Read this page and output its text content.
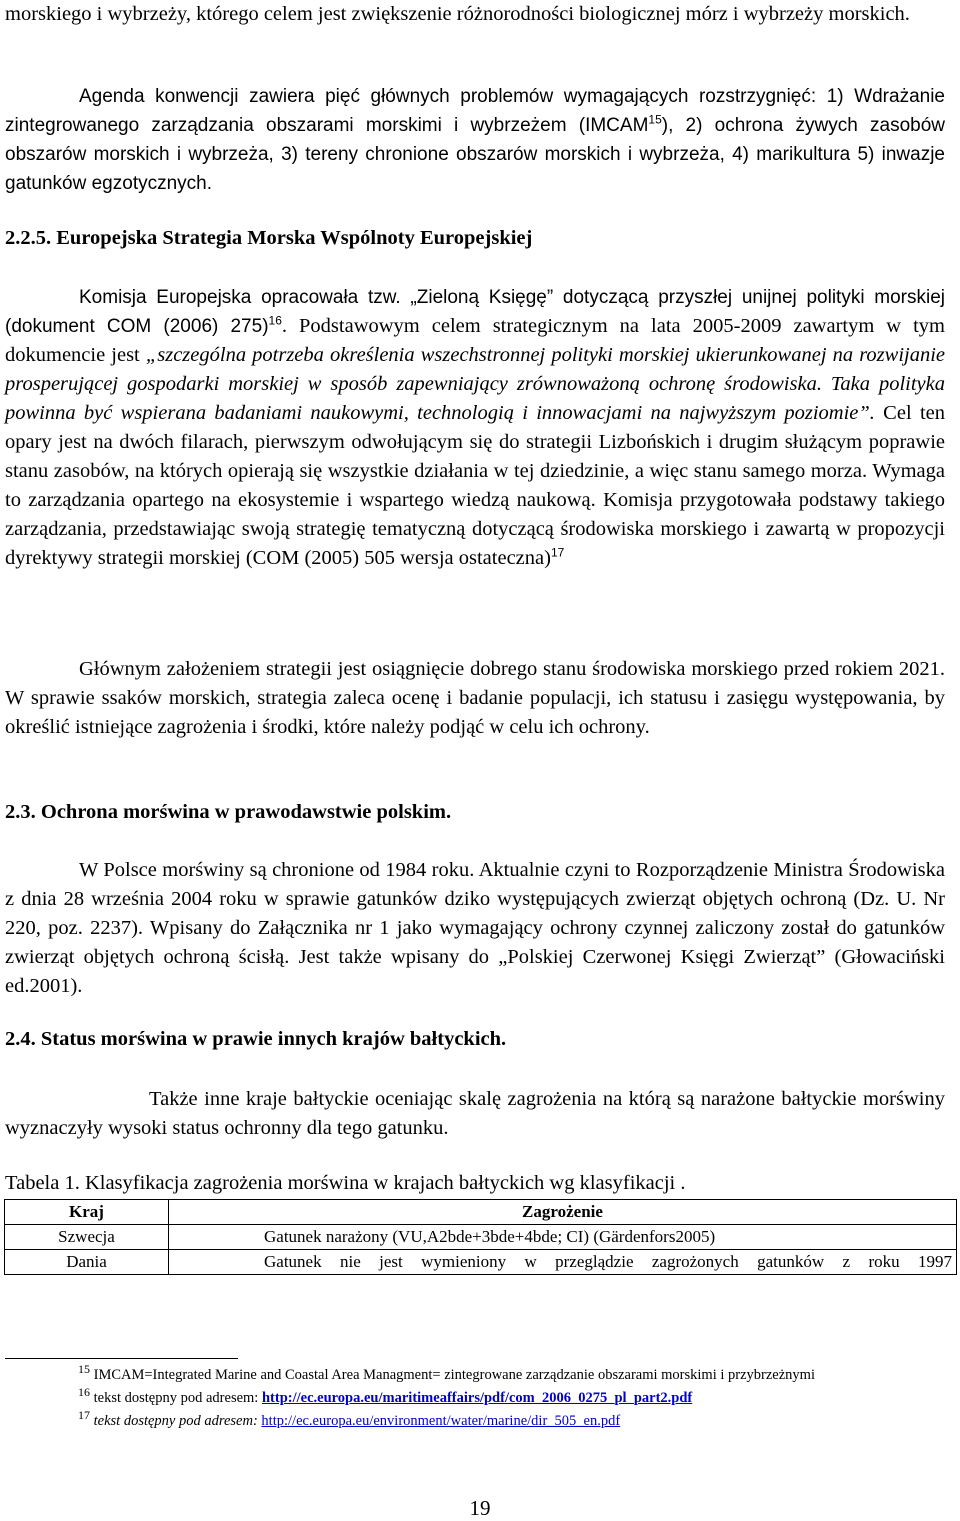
morskiego i wybrzeży, którego celem jest zwiększenie różnorodności biologicznej mórz i wybrzeży morskich.

Agenda konwencji zawiera pięć głównych problemów wymagających rozstrzygnięć: 1) Wdrażanie zintegrowanego zarządzania obszarami morskimi i wybrzeżem (IMCAM$^{15}$), 2) ochrona żywych zasobów obszarów morskich i wybrzeża, 3) tereny chronione obszarów morskich i wybrzeża, 4) marikultura 5) inwazje gatunków egzotycznych.

2.2.5. Europejska Strategia Morska Wspólnoty Europejskiej

Komisja Europejska opracowała tzw. „Zieloną Księgę” dotyczącą przyszłej unijnej polityki morskiej (dokument COM (2006) 275)$^{16}$. Podstawowym celem strategicznym na lata 2005-2009 zawartym w tym dokumencie jest „szczególna potrzeba określenia wszechstronnej polityki morskiej ukierunkowanej na rozwijanie prosperującej gospodarki morskiej w sposób zapewniający zrównoważoną ochronę środowiska. Taka polityka powinna być wspierana badaniami naukowymi, technologią i innowacjami na najwyższym poziomie”. Cel ten opary jest na dwóch filarach, pierwszym odwołującym się do strategii Lizbońskich i drugim służącym poprawie stanu zasobów, na których opierają się wszystkie działania w tej dziedzinie, a więc stanu samego morza. Wymaga to zarządzania opartego na ekosystemie i wspartego wiedzą naukową. Komisja przygotowała podstawy takiego zarządzania, przedstawiając swoją strategię tematyczną dotyczącą środowiska morskiego i zawartą w propozycji dyrektywy strategii morskiej (COM (2005) 505 wersja ostateczna)$^{17}$

Głównym założeniem strategii jest osiągnięcie dobrego stanu środowiska morskiego przed rokiem 2021. W sprawie ssaków morskich, strategia zaleca ocenę i badanie populacji, ich statusu i zasięgu występowania, by określić istniejące zagrożenia i środki, które należy podjąć w celu ich ochrony.

2.3. Ochrona morświna w prawodawstwie polskim.

W Polsce morświny są chronione od 1984 roku. Aktualnie czyni to Rozporządzenie Ministra Środowiska z dnia 28 września 2004 roku w sprawie gatunków dziko występujących zwierząt objętych ochroną (Dz. U. Nr 220, poz. 2237). Wpisany do Załącznika nr 1 jako wymagający ochrony czynnej zaliczony został do gatunków zwierząt objętych ochroną ścisłą. Jest także wpisany do „Polskiej Czerwonej Księgi Zwierząt” (Głowaciński ed.2001).

2.4. Status morświna w prawie innych krajów bałtyckich.

Także inne kraje bałtyckie oceniając skalę zagrożenia na którą są narażone bałtyckie morświny wyznaczyły wysoki status ochronny dla tego gatunku.

Tabela 1. Klasyfikacja zagrożenia morświna w krajach bałtyckich wg klasyfikacji .
Kraj	Zagrożenie
Szwecja	Gatunek narażony (VU,A2bde+3bde+4bde; CI) (Gärdenfors2005)
Dania	Gatunek nie jest wymieniony w przeglądzie zagrożonych gatunków z roku 1997

$^{15}$ IMCAM=Integrated Marine and Coastal Area Managment= zintegrowane zarządzanie obszarami morskimi i przybrzeżnymi

$^{16}$ tekst dostępny pod adresem: http://ec.europa.eu/maritimeaffairs/pdf/com_2006_0275_pl_part2.pdf

$^{17}$ tekst dostępny pod adresem: http://ec.europa.eu/environment/water/marine/dir_505_en.pdf

19
